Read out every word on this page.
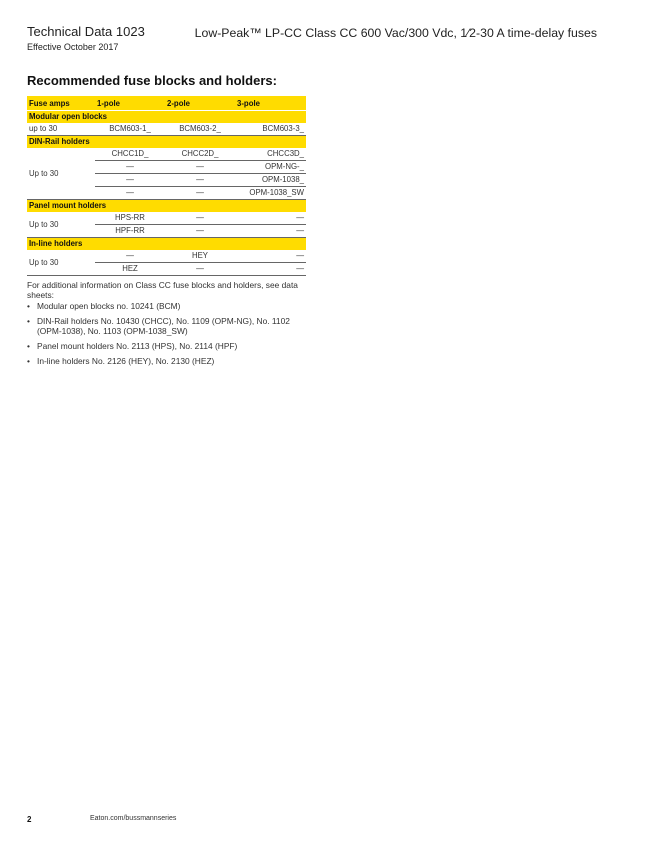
Technical Data 1023
Effective October 2017
Low-Peak™ LP-CC Class CC 600 Vac/300 Vdc, 1⁄2-30 A time-delay fuses
Recommended fuse blocks and holders:
Fuse amps	1-pole	2-pole	3-pole
Modular open blocks			
up to 30	BCM603-1_	BCM603-2_	BCM603-3_
DIN-Rail holders			
Up to 30	CHCC1D_	CHCC2D_	CHCC3D_
	—	—	OPM-NG-_
	—	—	OPM-1038_
	—	—	OPM-1038_SW
Panel mount holders			
Up to 30	HPS-RR	—	—
	HPF-RR	—	—
In-line holders			
Up to 30	—	HEY	—
	HEZ	—	—

For additional information on Class CC fuse blocks and holders, see data sheets:

• Modular open blocks no. 10241 (BCM)
• DIN-Rail holders No. 10430 (CHCC), No. 1109 (OPM-NG), No. 1102 (OPM-1038), No. 1103 (OPM-1038_SW)
• Panel mount holders No. 2113 (HPS), No. 2114 (HPF)
• In-line holders No. 2126 (HEY), No. 2130 (HEZ)
2	Eaton.com/bussmannseries
